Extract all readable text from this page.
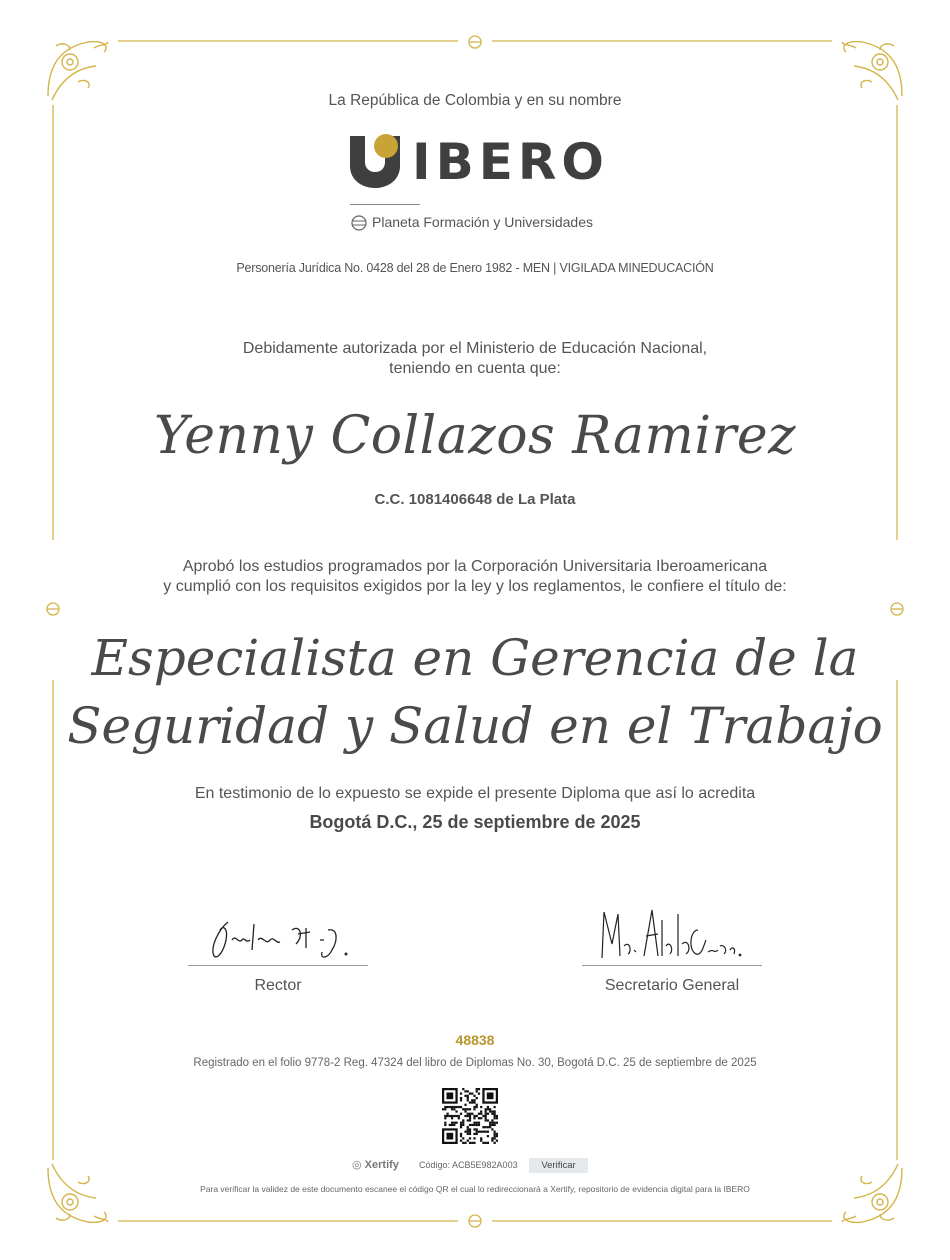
La República de Colombia y en su nombre
IBERO
Planeta Formación y Universidades
Personería Jurídica No. 0428 del 28 de Enero 1982 - MEN | VIGILADA MINEDUCACIÓN
Debidamente autorizada por el Ministerio de Educación Nacional,
teniendo en cuenta que:
Yenny Collazos Ramirez
C.C. 1081406648 de La Plata
Aprobó los estudios programados por la Corporación Universitaria Iberoamericana
y cumplió con los requisitos exigidos por la ley y los reglamentos, le confiere el título de:
Especialista en Gerencia de la
Seguridad y Salud en el Trabajo
En testimonio de lo expuesto se expide el presente Diploma que así lo acredita
Bogotá D.C., 25 de septiembre de 2025
Rector	Secretario General
48838
Registrado en el folio 9778-2 Reg. 47324 del libro de Diplomas No. 30, Bogotá D.C. 25 de septiembre de 2025
◎ Xertify Código: ACB5E982A003	Verificar
Para verificar la validez de este documento escanee el código QR el cual lo redireccionará a Xertify, repositorio de evidencia digital para la IBERO
